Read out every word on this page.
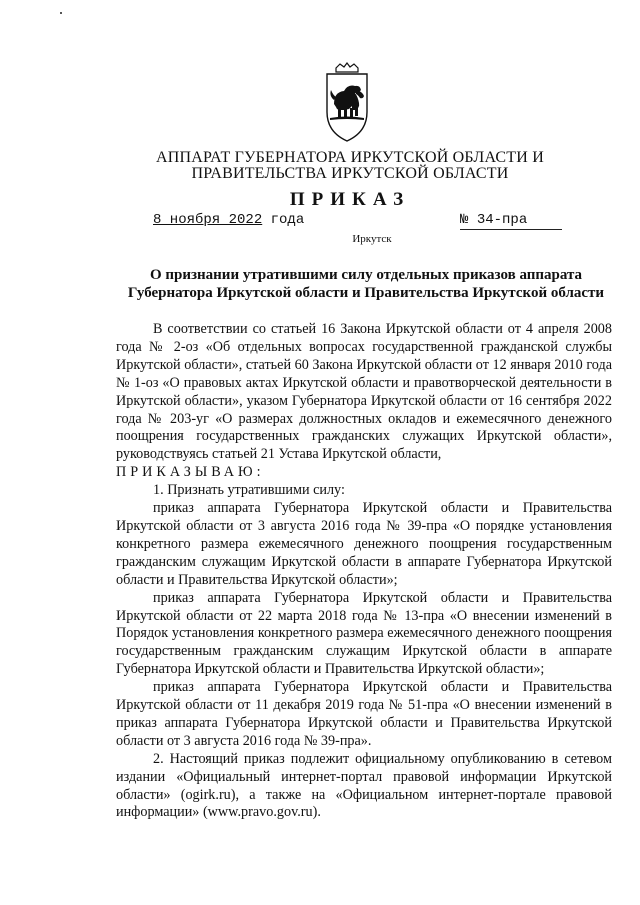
АППАРАТ ГУБЕРНАТОРА ИРКУТСКОЙ ОБЛАСТИ И
ПРАВИТЕЛЬСТВА ИРКУТСКОЙ ОБЛАСТИ
ПРИКАЗ
8 ноября 2022 года	№ 34-пра
Иркутск
О признании утратившими силу отдельных приказов аппарата Губернатора Иркутской области и Правительства Иркутской области

В соответствии со статьей 16 Закона Иркутской области от 4 апреля 2008 года № 2-оз «Об отдельных вопросах государственной гражданской службы Иркутской области», статьей 60 Закона Иркутской области от 12 января 2010 года № 1-оз «О правовых актах Иркутской области и правотворческой деятельности в Иркутской области», указом Губернатора Иркутской области от 16 сентября 2022 года № 203-уг «О размерах должностных окладов и ежемесячного денежного поощрения государственных гражданских служащих Иркутской области», руководствуясь статьей 21 Устава Иркутской области,

ПРИКАЗЫВАЮ:

1. Признать утратившими силу:

приказ аппарата Губернатора Иркутской области и Правительства Иркутской области от 3 августа 2016 года № 39-пра «О порядке установления конкретного размера ежемесячного денежного поощрения государственным гражданским служащим Иркутской области в аппарате Губернатора Иркутской области и Правительства Иркутской области»;

приказ аппарата Губернатора Иркутской области и Правительства Иркутской области от 22 марта 2018 года № 13-пра «О внесении изменений в Порядок установления конкретного размера ежемесячного денежного поощрения государственным гражданским служащим Иркутской области в аппарате Губернатора Иркутской области и Правительства Иркутской области»;

приказ аппарата Губернатора Иркутской области и Правительства Иркутской области от 11 декабря 2019 года № 51-пра «О внесении изменений в приказ аппарата Губернатора Иркутской области и Правительства Иркутской области от 3 августа 2016 года № 39-пра».

2. Настоящий приказ подлежит официальному опубликованию в сетевом издании «Официальный интернет-портал правовой информации Иркутской области» (ogirk.ru), а также на «Официальном интернет-портале правовой информации» (www.pravo.gov.ru).
